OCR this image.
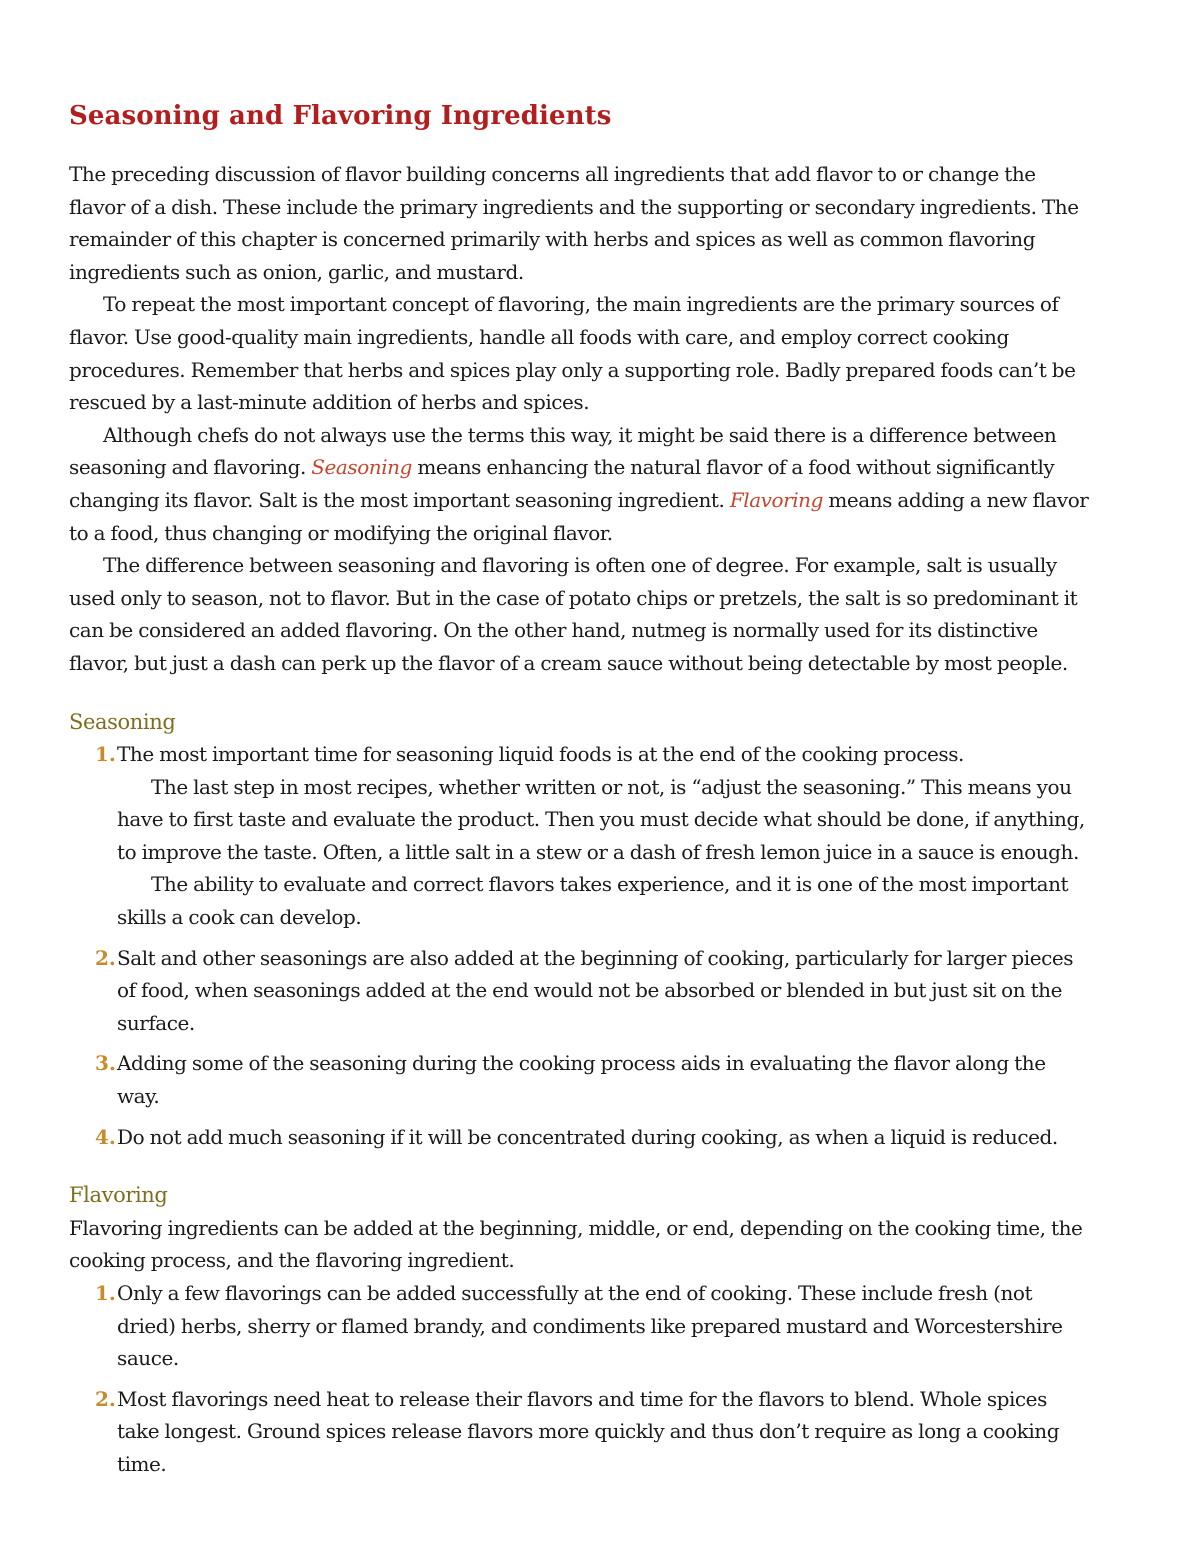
Seasoning and Flavoring Ingredients

The preceding discussion of flavor building concerns all ingredients that add flavor to or change the flavor of a dish. These include the primary ingredients and the supporting or secondary ingredients. The remainder of this chapter is concerned primarily with herbs and spices as well as common flavoring ingredients such as onion, garlic, and mustard.

To repeat the most important concept of flavoring, the main ingredients are the primary sources of flavor. Use good-quality main ingredients, handle all foods with care, and employ correct cooking procedures. Remember that herbs and spices play only a supporting role. Badly prepared foods can’t be rescued by a last-minute addition of herbs and spices.

Although chefs do not always use the terms this way, it might be said there is a difference between seasoning and flavoring. Seasoning means enhancing the natural flavor of a food without significantly changing its flavor. Salt is the most important seasoning ingredient. Flavoring means adding a new flavor to a food, thus changing or modifying the original flavor.

The difference between seasoning and flavoring is often one of degree. For example, salt is usually used only to season, not to flavor. But in the case of potato chips or pretzels, the salt is so predominant it can be considered an added flavoring. On the other hand, nutmeg is normally used for its distinctive flavor, but just a dash can perk up the flavor of a cream sauce without being detectable by most people.

Seasoning
1. The most important time for seasoning liquid foods is at the end of the cooking process.

The last step in most recipes, whether written or not, is “adjust the seasoning.” This means you have to first taste and evaluate the product. Then you must decide what should be done, if anything, to improve the taste. Often, a little salt in a stew or a dash of fresh lemon juice in a sauce is enough.

The ability to evaluate and correct flavors takes experience, and it is one of the most important skills a cook can develop.

2. Salt and other seasonings are also added at the beginning of cooking, particularly for larger pieces of food, when seasonings added at the end would not be absorbed or blended in but just sit on the surface.

3. Adding some of the seasoning during the cooking process aids in evaluating the flavor along the way.

4. Do not add much seasoning if it will be concentrated during cooking, as when a liquid is reduced.

Flavoring

Flavoring ingredients can be added at the beginning, middle, or end, depending on the cooking time, the cooking process, and the flavoring ingredient.

1. Only a few flavorings can be added successfully at the end of cooking. These include fresh (not dried) herbs, sherry or flamed brandy, and condiments like prepared mustard and Worcestershire sauce.

2. Most flavorings need heat to release their flavors and time for the flavors to blend. Whole spices take longest. Ground spices release flavors more quickly and thus don’t require as long a cooking time.
